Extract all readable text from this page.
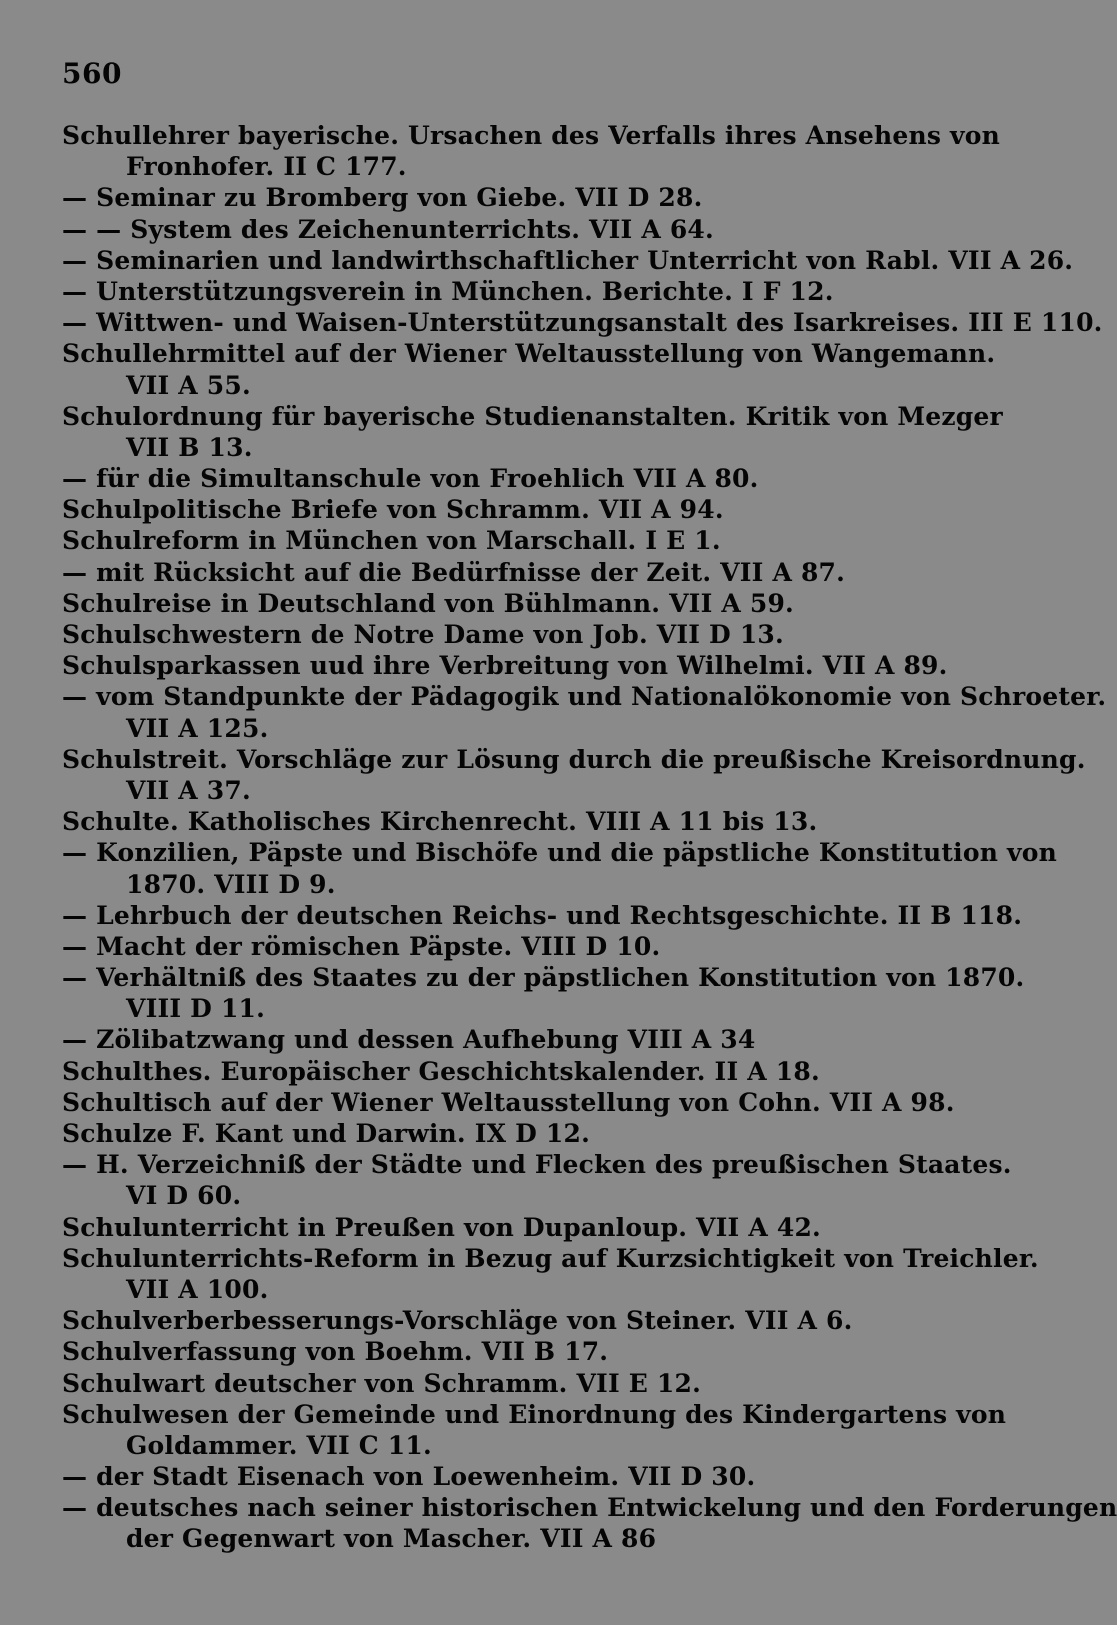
560
Schullehrer bayerische. Ursachen des Verfalls ihres Ansehens von
Fronhofer. II C 177.
— Seminar zu Bromberg von Giebe. VII D 28.
— — System des Zeichenunterrichts. VII A 64.
— Seminarien und landwirthschaftlicher Unterricht von Rabl. VII A 26.
— Unterstützungsverein in München. Berichte. I F 12.
— Wittwen- und Waisen-Unterstützungsanstalt des Isarkreises. III E 110.
Schullehrmittel auf der Wiener Weltausstellung von Wangemann.
VII A 55.
Schulordnung für bayerische Studienanstalten. Kritik von Mezger
VII B 13.
— für die Simultanschule von Froehlich VII A 80.
Schulpolitische Briefe von Schramm. VII A 94.
Schulreform in München von Marschall. I E 1.
— mit Rücksicht auf die Bedürfnisse der Zeit. VII A 87.
Schulreise in Deutschland von Bühlmann. VII A 59.
Schulschwestern de Notre Dame von Job. VII D 13.
Schulsparkassen uud ihre Verbreitung von Wilhelmi. VII A 89.
— vom Standpunkte der Pädagogik und Nationalökonomie von Schroeter.
VII A 125.
Schulstreit. Vorschläge zur Lösung durch die preußische Kreisordnung.
VII A 37.
Schulte. Katholisches Kirchenrecht. VIII A 11 bis 13.
— Konzilien, Päpste und Bischöfe und die päpstliche Konstitution von
1870. VIII D 9.
— Lehrbuch der deutschen Reichs- und Rechtsgeschichte. II B 118.
— Macht der römischen Päpste. VIII D 10.
— Verhältniß des Staates zu der päpstlichen Konstitution von 1870.
VIII D 11.
— Zölibatzwang und dessen Aufhebung VIII A 34
Schulthes. Europäischer Geschichtskalender. II A 18.
Schultisch auf der Wiener Weltausstellung von Cohn. VII A 98.
Schulze F. Kant und Darwin. IX D 12.
— H. Verzeichniß der Städte und Flecken des preußischen Staates.
VI D 60.
Schulunterricht in Preußen von Dupanloup. VII A 42.
Schulunterrichts-Reform in Bezug auf Kurzsichtigkeit von Treichler.
VII A 100.
Schulverberbesserungs-Vorschläge von Steiner. VII A 6.
Schulverfassung von Boehm. VII B 17.
Schulwart deutscher von Schramm. VII E 12.
Schulwesen der Gemeinde und Einordnung des Kindergartens von
Goldammer. VII C 11.
— der Stadt Eisenach von Loewenheim. VII D 30.
— deutsches nach seiner historischen Entwickelung und den Forderungen
der Gegenwart von Mascher. VII A 86
